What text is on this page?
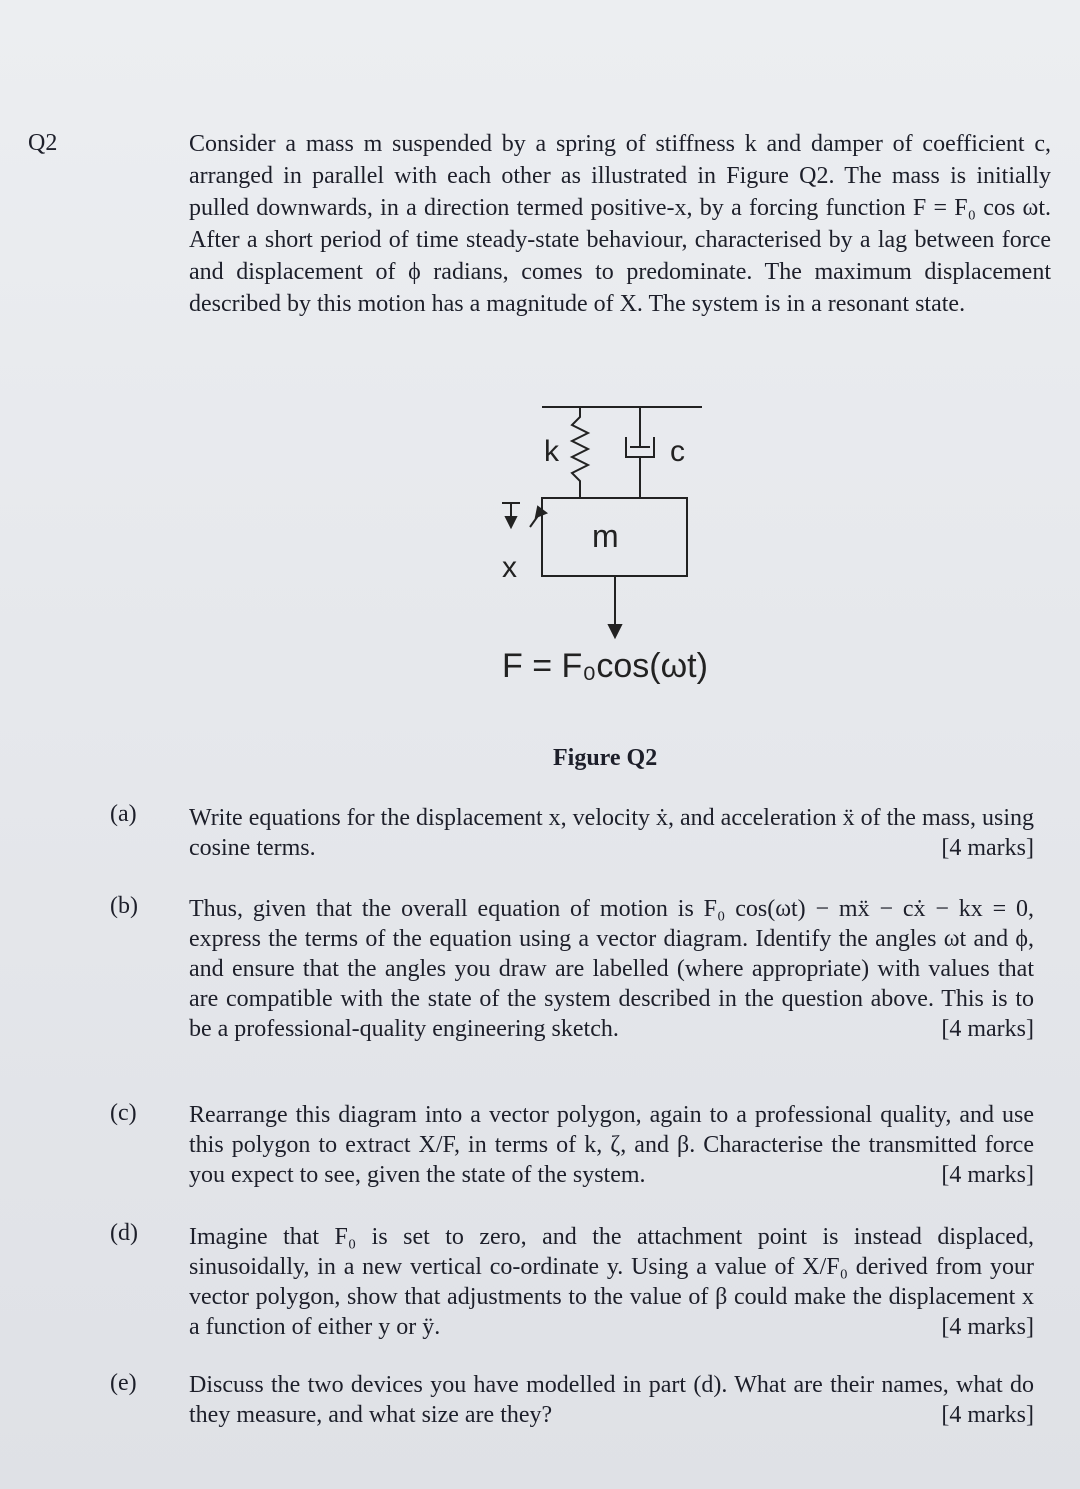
Q2	Consider a mass m suspended by a spring of stiffness k and damper of coefficient c, arranged in parallel with each other as illustrated in Figure Q2. The mass is initially pulled downwards, in a direction termed positive-x, by a forcing function F = F₀ cos ωt. After a short period of time steady-state behaviour, characterised by a lag between force and displacement of ϕ radians, comes to predominate. The maximum displacement described by this motion has a magnitude of X. The system is in a resonant state.
k	c
m
x
F = F₀cos(ωt)
Figure Q2
(a) Write equations for the displacement x, velocity ẋ, and acceleration ẍ of the mass, using cosine terms.	[4 marks]
(b) Thus, given that the overall equation of motion is F₀ cos(ωt) − mẍ − cẋ − kx = 0, express the terms of the equation using a vector diagram. Identify the angles ωt and ϕ, and ensure that the angles you draw are labelled (where appropriate) with values that are compatible with the state of the system described in the question above. This is to be a professional-quality engineering sketch.	[4 marks]
(c) Rearrange this diagram into a vector polygon, again to a professional quality, and use this polygon to extract X/F, in terms of k, ζ, and β. Characterise the transmitted force you expect to see, given the state of the system.	[4 marks]
(d) Imagine that F₀ is set to zero, and the attachment point is instead displaced, sinusoidally, in a new vertical co-ordinate y. Using a value of X/F₀ derived from your vector polygon, show that adjustments to the value of β could make the displacement x a function of either y or ÿ.	[4 marks]
(e) Discuss the two devices you have modelled in part (d). What are their names, what do they measure, and what size are they?	[4 marks]
